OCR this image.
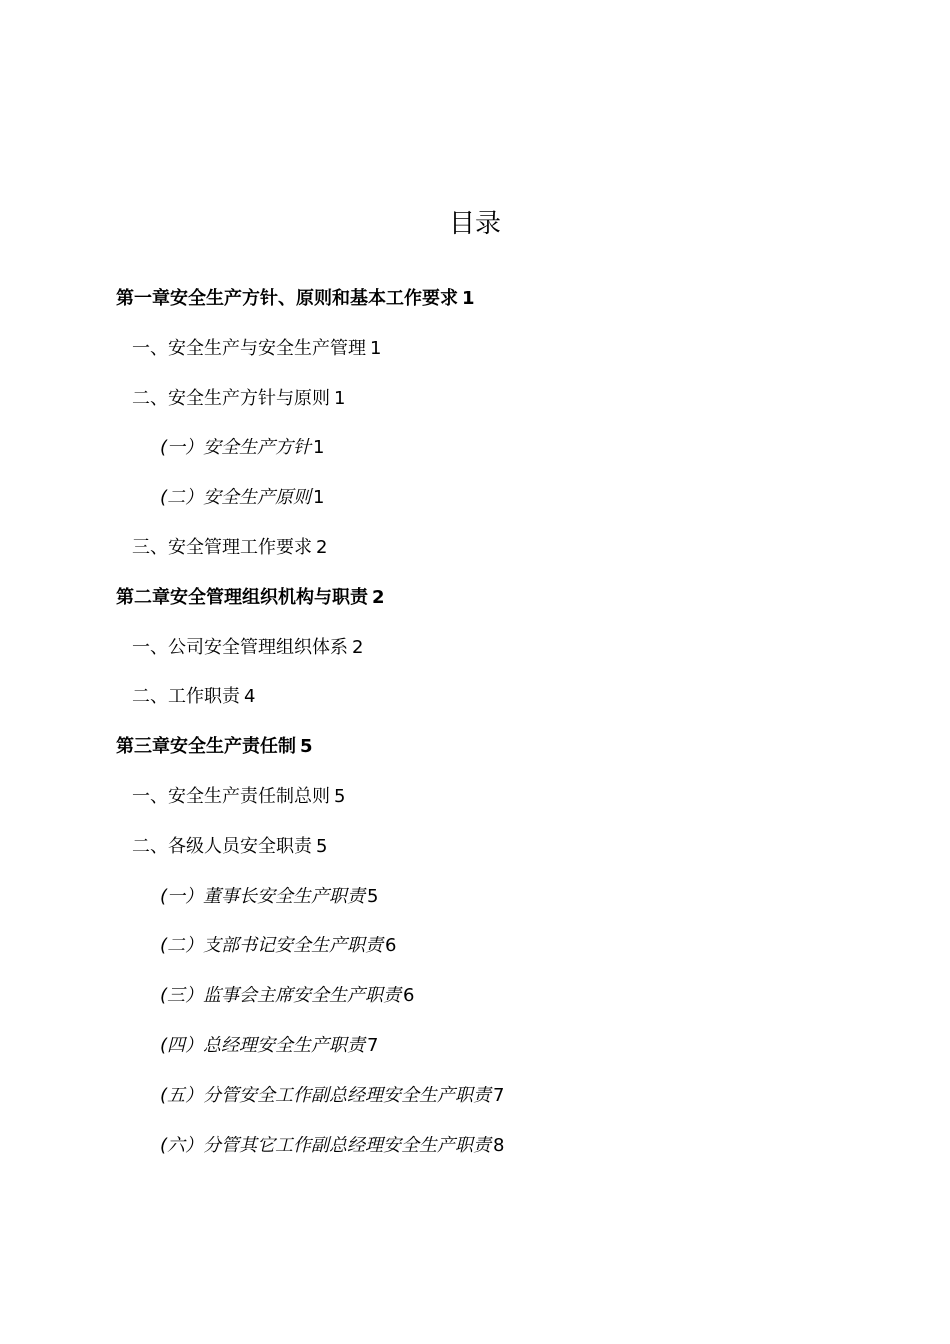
目录
第一章安全生产方针、原则和基本工作要求 1
一、安全生产与安全生产管理 1
二、安全生产方针与原则 1
(一）安全生产方针 1
(二）安全生产原则 1
三、安全管理工作要求 2
第二章安全管理组织机构与职责 2
一、公司安全管理组织体系 2
二、工作职责 4
第三章安全生产责任制 5
一、安全生产责任制总则 5
二、各级人员安全职责 5
(一）董事长安全生产职责 5
(二）支部书记安全生产职责 6
(三）监事会主席安全生产职责 6
(四）总经理安全生产职责 7
(五）分管安全工作副总经理安全生产职责 7
(六）分管其它工作副总经理安全生产职责 8
